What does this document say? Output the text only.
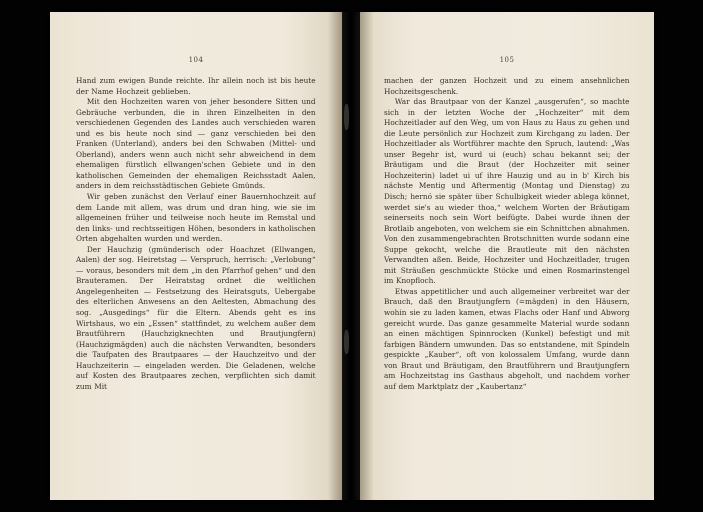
104

Hand zum ewigen Bunde reichte. Ihr allein noch ist bis heute der Name Hochzeit geblieben.

Mit den Hochzeiten waren von jeher besondere Sitten und Gebräuche verbunden, die in ihren Einzelheiten in den verschiedenen Gegenden des Landes auch verschieden waren und es bis heute noch sind — ganz verschieden bei den Franken (Unterland), anders bei den Schwaben (Mittel- und Oberland), anders wenn auch nicht sehr abweichend in dem ehemaligen fürstlich ellwangen'schen Gebiete und in den katholischen Gemeinden der ehemaligen Reichsstadt Aalen, anders in dem reichsstädtischen Gebiete Gmünds.

Wir geben zunächst den Verlauf einer Bauernhochzeit auf dem Lande mit allem, was drum und dran hing, wie sie im allgemeinen früher und teilweise noch heute im Remstal und den links- und rechtsseitigen Höhen, besonders in katholischen Orten abgehalten wurden und werden.

Der Hauchzig (gmünderisch oder Hoachzet (Ellwangen, Aalen) der sog. Heiretstag — Verspruch, herrisch: „Verlobung“ — voraus, besonders mit dem „in den Pfarrhof gehen“ und den Brauteramen. Der Heiratstag ordnet die weltlichen Angelegenheiten — Festsetzung des Heiratsguts, Uebergabe des elterlichen Anwesens an den Aeltesten, Abmachung des sog. „Ausgedings“ für die Eltern. Abends geht es ins Wirtshaus, wo ein „Essen“ stattfindet, zu welchem außer dem Brautführern (Hauchzigknechten und Brautjungfern) (Hauchzigmägden) auch die nächsten Verwandten, besonders die Taufpaten des Brautpaares — der Hauchzeitvo und der Hauchzeiterin — eingeladen werden. Die Geladenen, welche auf Kosten des Brautpaares zechen, verpflichten sich damit zum Mit

105

machen der ganzen Hochzeit und zu einem ansehnlichen Hochzeitsgeschenk.

War das Brautpaar von der Kanzel „ausgerufen“, so machte sich in der letzten Woche der „Hochzeiter“ mit dem Hochzeitlader auf den Weg, um von Haus zu Haus zu gehen und die Leute persönlich zur Hochzeit zum Kirchgang zu laden. Der Hochzeitlader als Wortführer machte den Spruch, lautend: „Was unser Begehr ist, wurd ui (euch) schau bekannt sei; der Bräutigam und die Braut (der Hochzeiter mit seiner Hochzeiterin) ladet ui uf ihre Hauzig und au in b' Kirch bis nächste Mentig und Aftermentig (Montag und Dienstag) zu Disch; hernó sie später über Schulbigkeit wieder ablega könnet, werdet sie's au wieder thoa,“ welchem Worten der Bräutigam seinerseits noch sein Wort beifügte. Dabei wurde ihnen der Brotlaib angeboten, von welchem sie ein Schnittchen abnahmen. Von den zusammengebrachten Brotschnitten wurde sodann eine Suppe gekocht, welche die Brautleute mit den nächsten Verwandten aßen. Beide, Hochzeiter und Hochzeitlader, trugen mit Sträußen geschmückte Stöcke und einen Rosmarinstengel im Knopfloch.

Etwas appetitlicher und auch allgemeiner verbreitet war der Brauch, daß den Brautjungfern (=mägden) in den Häusern, wohin sie zu laden kamen, etwas Flachs oder Hanf und Abworg gereicht wurde. Das ganze gesammelte Material wurde sodann an einen mächtigen Spinnrocken (Kunkel) befestigt und mit farbigen Bändern umwunden. Das so entstandene, mit Spindeln gespickte „Kauber“, oft von kolossalem Umfang, wurde dann von Braut und Bräutigam, den Brautführern und Brautjungfern am Hochzeitstag ins Gasthaus abgeholt, und nachdem vorher auf dem Marktplatz der „Kaubertanz“
